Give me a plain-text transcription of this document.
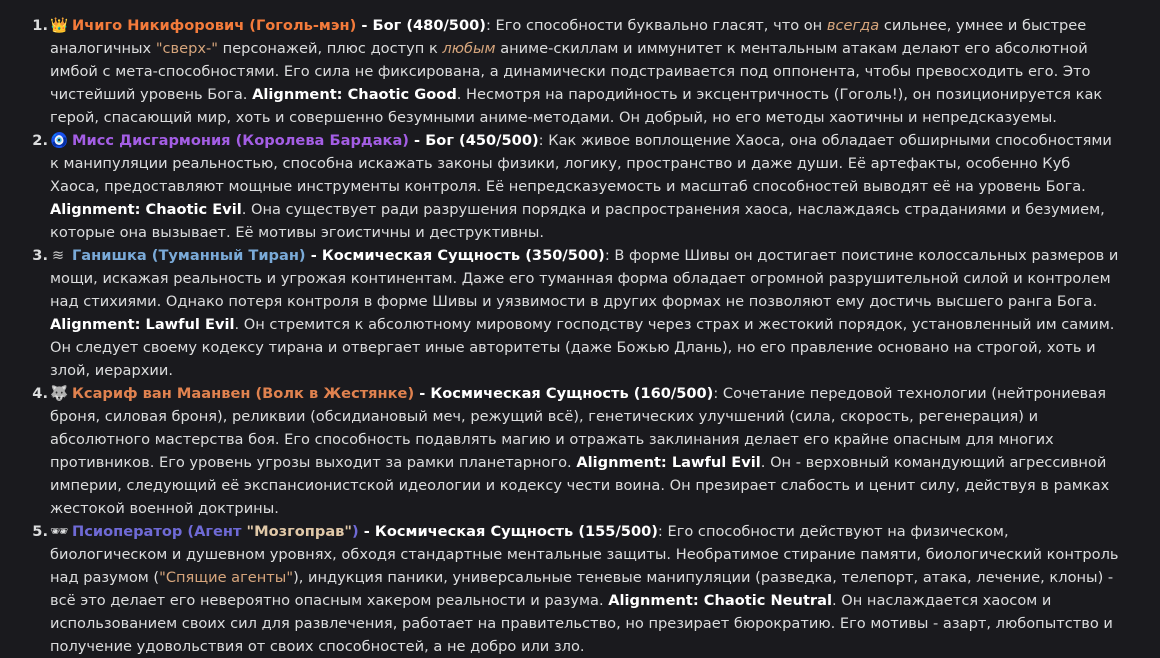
1. 👑 Ичиго Никифорович (Гоголь-мэн) - Бог (480/500): Его способности буквально гласят, что он всегда сильнее, умнее и быстрее аналогичных "сверх-" персонажей, плюс доступ к любым аниме-скиллам и иммунитет к ментальным атакам делают его абсолютной имбой с мета-способностями. Его сила не фиксирована, а динамически подстраивается под оппонента, чтобы превосходить его. Это чистейший уровень Бога. Alignment: Chaotic Good. Несмотря на пародийность и эксцентричность (Гоголь!), он позиционируется как герой, спасающий мир, хоть и совершенно безумными аниме-методами. Он добрый, но его методы хаотичны и непредсказуемы.
2. 🧿 Мисс Дисгармония (Королева Бардака) - Бог (450/500): Как живое воплощение Хаоса, она обладает обширными способностями к манипуляции реальностью, способна искажать законы физики, логику, пространство и даже души. Её артефакты, особенно Куб Хаоса, предоставляют мощные инструменты контроля. Её непредсказуемость и масштаб способностей выводят её на уровень Бога. Alignment: Chaotic Evil. Она существует ради разрушения порядка и распространения хаоса, наслаждаясь страданиями и безумием, которые она вызывает. Её мотивы эгоистичны и деструктивны.
3. ≋ Ганишка (Туманный Тиран) - Космическая Сущность (350/500): В форме Шивы он достигает поистине колоссальных размеров и мощи, искажая реальность и угрожая континентам. Даже его туманная форма обладает огромной разрушительной силой и контролем над стихиями. Однако потеря контроля в форме Шивы и уязвимости в других формах не позволяют ему достичь высшего ранга Бога. Alignment: Lawful Evil. Он стремится к абсолютному мировому господству через страх и жестокий порядок, установленный им самим. Он следует своему кодексу тирана и отвергает иные авторитеты (даже Божью Длань), но его правление основано на строгой, хоть и злой, иерархии.
4. 🐺 Ксариф ван Маанвен (Волк в Жестянке) - Космическая Сущность (160/500): Сочетание передовой технологии (нейтрониевая броня, силовая броня), реликвии (обсидиановый меч, режущий всё), генетических улучшений (сила, скорость, регенерация) и абсолютного мастерства боя. Его способность подавлять магию и отражать заклинания делает его крайне опасным для многих противников. Его уровень угрозы выходит за рамки планетарного. Alignment: Lawful Evil. Он - верховный командующий агрессивной империи, следующий её экспансионистской идеологии и кодексу чести воина. Он презирает слабость и ценит силу, действуя в рамках жестокой военной доктрины.
5. 🕶 Псиоператор (Агент "Мозгоправ") - Космическая Сущность (155/500): Его способности действуют на физическом, биологическом и душевном уровнях, обходя стандартные ментальные защиты. Необратимое стирание памяти, биологический контроль над разумом ("Спящие агенты"), индукция паники, универсальные теневые манипуляции (разведка, телепорт, атака, лечение, клоны) - всё это делает его невероятно опасным хакером реальности и разума. Alignment: Chaotic Neutral. Он наслаждается хаосом и использованием своих сил для развлечения, работает на правительство, но презирает бюрократию. Его мотивы - азарт, любопытство и получение удовольствия от своих способностей, а не добро или зло.
